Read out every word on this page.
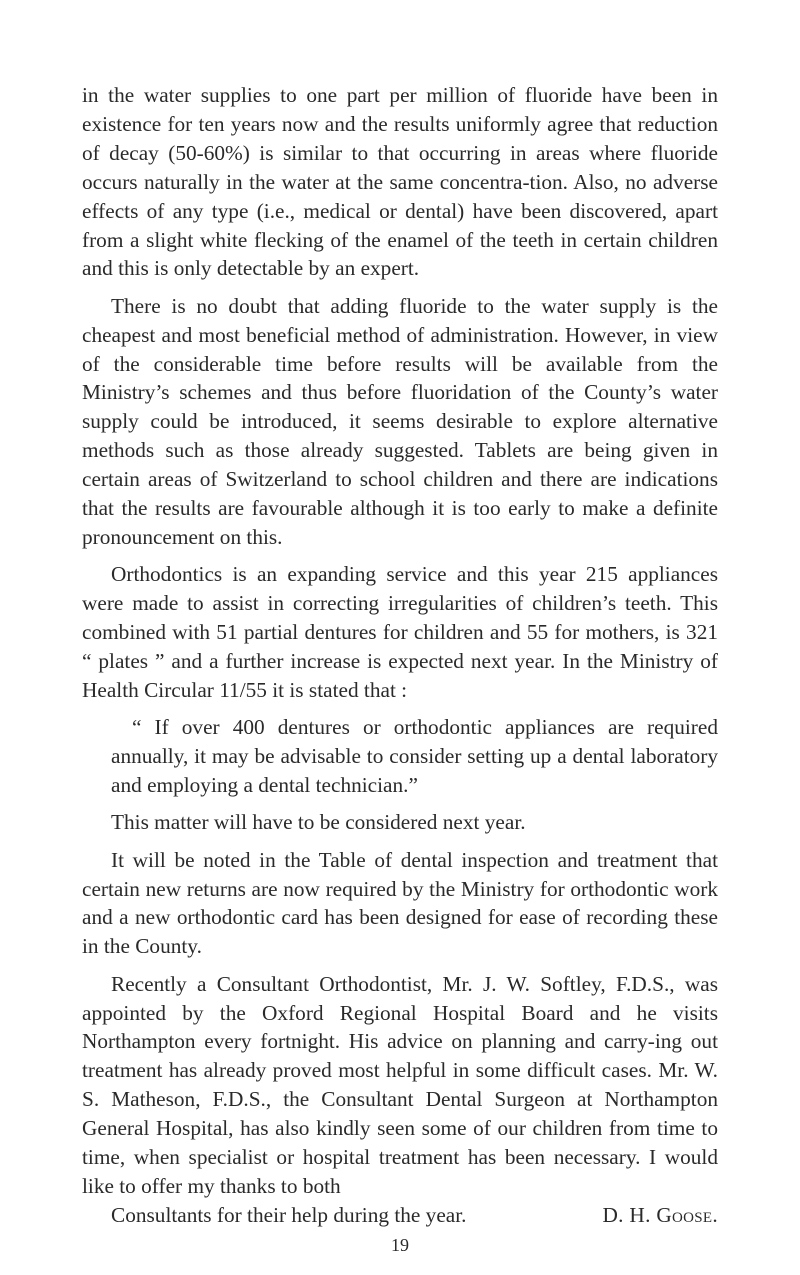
in the water supplies to one part per million of fluoride have been in existence for ten years now and the results uniformly agree that reduction of decay (50-60%) is similar to that occurring in areas where fluoride occurs naturally in the water at the same concentra-tion. Also, no adverse effects of any type (i.e., medical or dental) have been discovered, apart from a slight white flecking of the enamel of the teeth in certain children and this is only detectable by an expert.

There is no doubt that adding fluoride to the water supply is the cheapest and most beneficial method of administration. However, in view of the considerable time before results will be available from the Ministry’s schemes and thus before fluoridation of the County’s water supply could be introduced, it seems desirable to explore alternative methods such as those already suggested. Tablets are being given in certain areas of Switzerland to school children and there are indications that the results are favourable although it is too early to make a definite pronouncement on this.

Orthodontics is an expanding service and this year 215 appliances were made to assist in correcting irregularities of children’s teeth. This combined with 51 partial dentures for children and 55 for mothers, is 321 “ plates ” and a further increase is expected next year. In the Ministry of Health Circular 11/55 it is stated that :

“ If over 400 dentures or orthodontic appliances are required annually, it may be advisable to consider setting up a dental laboratory and employing a dental technician.”

This matter will have to be considered next year.

It will be noted in the Table of dental inspection and treatment that certain new returns are now required by the Ministry for orthodontic work and a new orthodontic card has been designed for ease of recording these in the County.

Recently a Consultant Orthodontist, Mr. J. W. Softley, F.D.S., was appointed by the Oxford Regional Hospital Board and he visits Northampton every fortnight. His advice on planning and carry-ing out treatment has already proved most helpful in some difficult cases. Mr. W. S. Matheson, F.D.S., the Consultant Dental Surgeon at Northampton General Hospital, has also kindly seen some of our children from time to time, when specialist or hospital treatment has been necessary. I would like to offer my thanks to both
Consultants for their help during the year.	D. H. Goose.
19
